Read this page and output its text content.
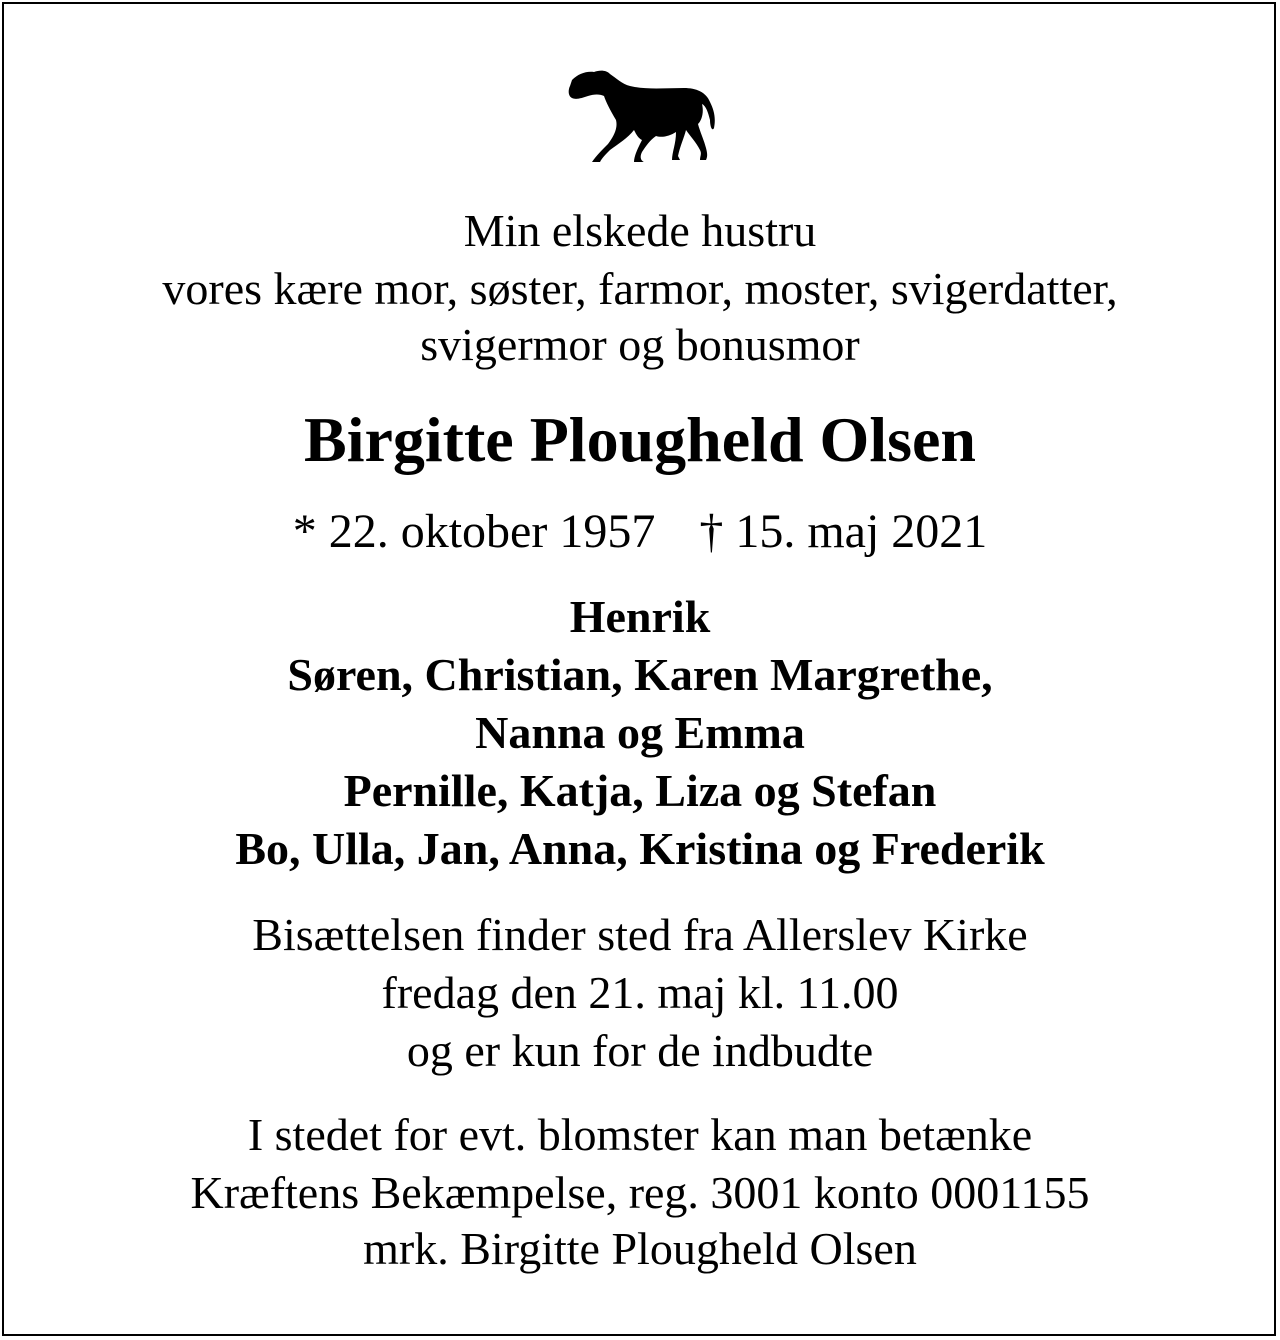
Min elskede hustru
vores kære mor, søster, farmor, moster, svigerdatter,
svigermor og bonusmor
Birgitte Plougheld Olsen
* 22. oktober 1957 † 15. maj 2021
Henrik
Søren, Christian, Karen Margrethe,
Nanna og Emma
Pernille, Katja, Liza og Stefan
Bo, Ulla, Jan, Anna, Kristina og Frederik
Bisættelsen finder sted fra Allerslev Kirke
fredag den 21. maj kl. 11.00
og er kun for de indbudte
I stedet for evt. blomster kan man betænke
Kræftens Bekæmpelse, reg. 3001 konto 0001155
mrk. Birgitte Plougheld Olsen
